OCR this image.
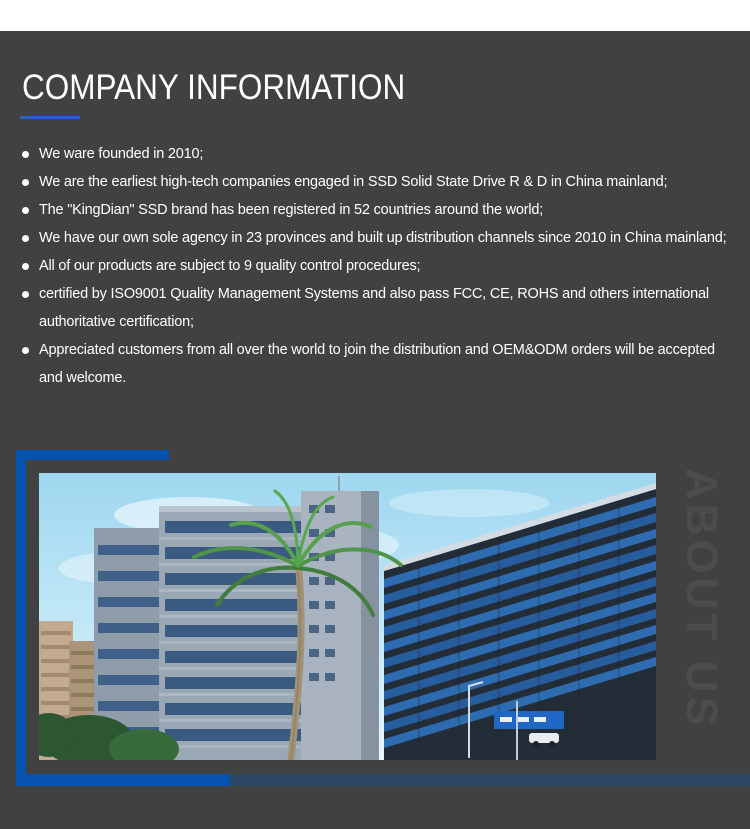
COMPANY INFORMATION
We ware founded in 2010;
We are the earliest high-tech companies engaged in SSD Solid State Drive R & D in China mainland;
The "KingDian" SSD brand has been registered in 52 countries around the world;
We have our own sole agency in 23 provinces and built up distribution channels since 2010 in China mainland;
All of our products are subject to 9 quality control procedures;
certified by ISO9001 Quality Management Systems and also pass FCC, CE, ROHS and others international authoritative certification;
Appreciated customers from all over the world to join the distribution and OEM&ODM orders will be accepted and welcome.

ABOUT US
